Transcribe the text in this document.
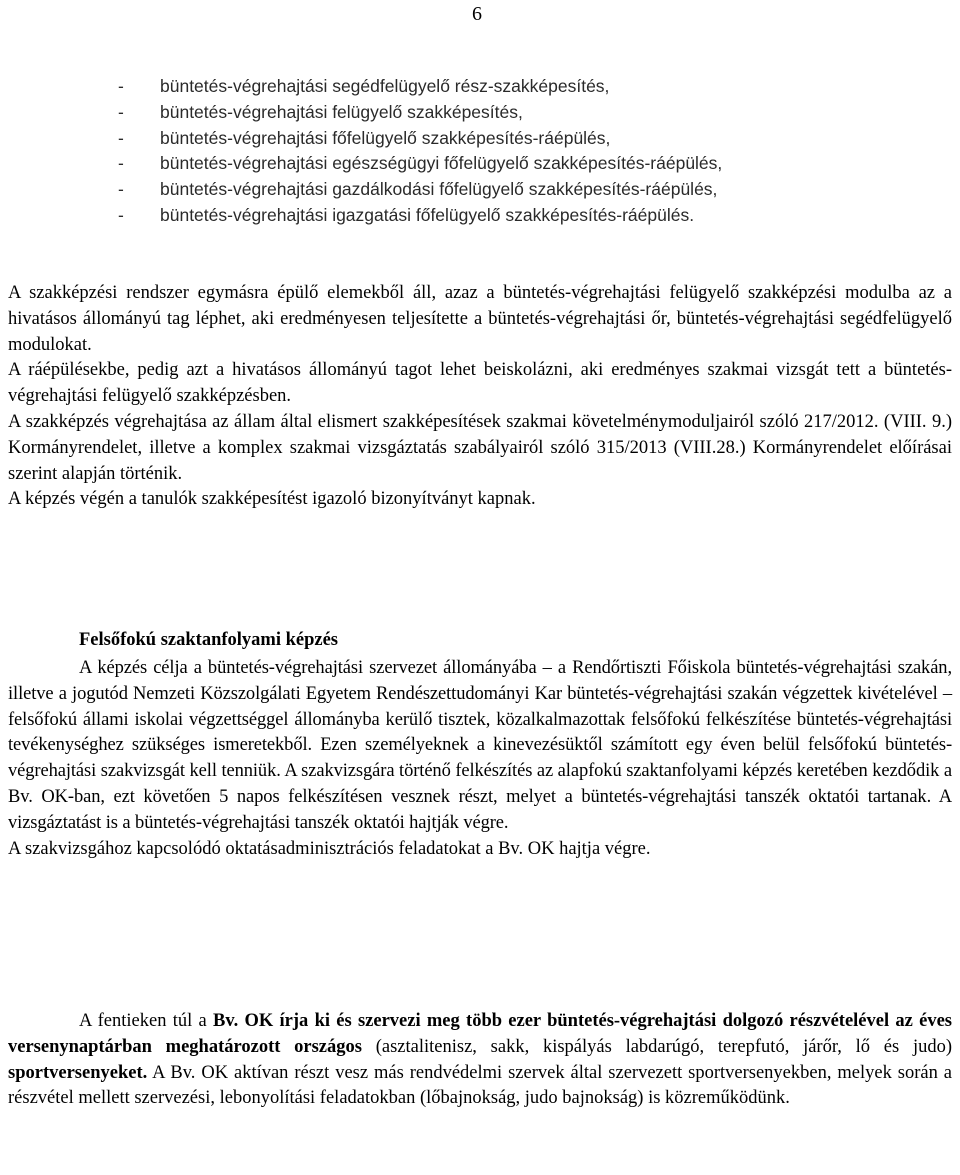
6
-	büntetés-végrehajtási segédfelügyelő rész-szakképesítés,
-	büntetés-végrehajtási felügyelő szakképesítés,
-	büntetés-végrehajtási főfelügyelő szakképesítés-ráépülés,
-	büntetés-végrehajtási egészségügyi főfelügyelő szakképesítés-ráépülés,
-	büntetés-végrehajtási gazdálkodási főfelügyelő szakképesítés-ráépülés,
-	büntetés-végrehajtási igazgatási főfelügyelő szakképesítés-ráépülés.

A szakképzési rendszer egymásra épülő elemekből áll, azaz a büntetés-végrehajtási felügyelő szakképzési modulba az a hivatásos állományú tag léphet, aki eredményesen teljesítette a büntetés-végrehajtási őr, büntetés-végrehajtási segédfelügyelő modulokat.

A ráépülésekbe, pedig azt a hivatásos állományú tagot lehet beiskolázni, aki eredményes szakmai vizsgát tett a büntetés-végrehajtási felügyelő szakképzésben.

A szakképzés végrehajtása az állam által elismert szakképesítések szakmai követelménymoduljairól szóló 217/2012. (VIII. 9.) Kormányrendelet, illetve a komplex szakmai vizsgáztatás szabályairól szóló 315/2013 (VIII.28.) Kormányrendelet előírásai szerint alapján történik.

A képzés végén a tanulók szakképesítést igazoló bizonyítványt kapnak.

Felsőfokú szaktanfolyami képzés

A képzés célja a büntetés-végrehajtási szervezet állományába – a Rendőrtiszti Főiskola büntetés-végrehajtási szakán, illetve a jogutód Nemzeti Közszolgálati Egyetem Rendészettudományi Kar büntetés-végrehajtási szakán végzettek kivételével – felsőfokú állami iskolai végzettséggel állományba kerülő tisztek, közalkalmazottak felsőfokú felkészítése büntetés-végrehajtási tevékenységhez szükséges ismeretekből. Ezen személyeknek a kinevezésüktől számított egy éven belül felsőfokú büntetés-végrehajtási szakvizsgát kell tenniük. A szakvizsgára történő felkészítés az alapfokú szaktanfolyami képzés keretében kezdődik a Bv. OK-ban, ezt követően 5 napos felkészítésen vesznek részt, melyet a büntetés-végrehajtási tanszék oktatói tartanak. A vizsgáztatást is a büntetés-végrehajtási tanszék oktatói hajtják végre.

A szakvizsgához kapcsolódó oktatásadminisztrációs feladatokat a Bv. OK hajtja végre.

A fentieken túl a Bv. OK írja ki és szervezi meg több ezer büntetés-végrehajtási dolgozó részvételével az éves versenynaptárban meghatározott országos (asztalitenisz, sakk, kispályás labdarúgó, terepfutó, járőr, lő és judo) sportversenyeket. A Bv. OK aktívan részt vesz más rendvédelmi szervek által szervezett sportversenyekben, melyek során a részvétel mellett szervezési, lebonyolítási feladatokban (lőbajnokság, judo bajnokság) is közreműködünk.
